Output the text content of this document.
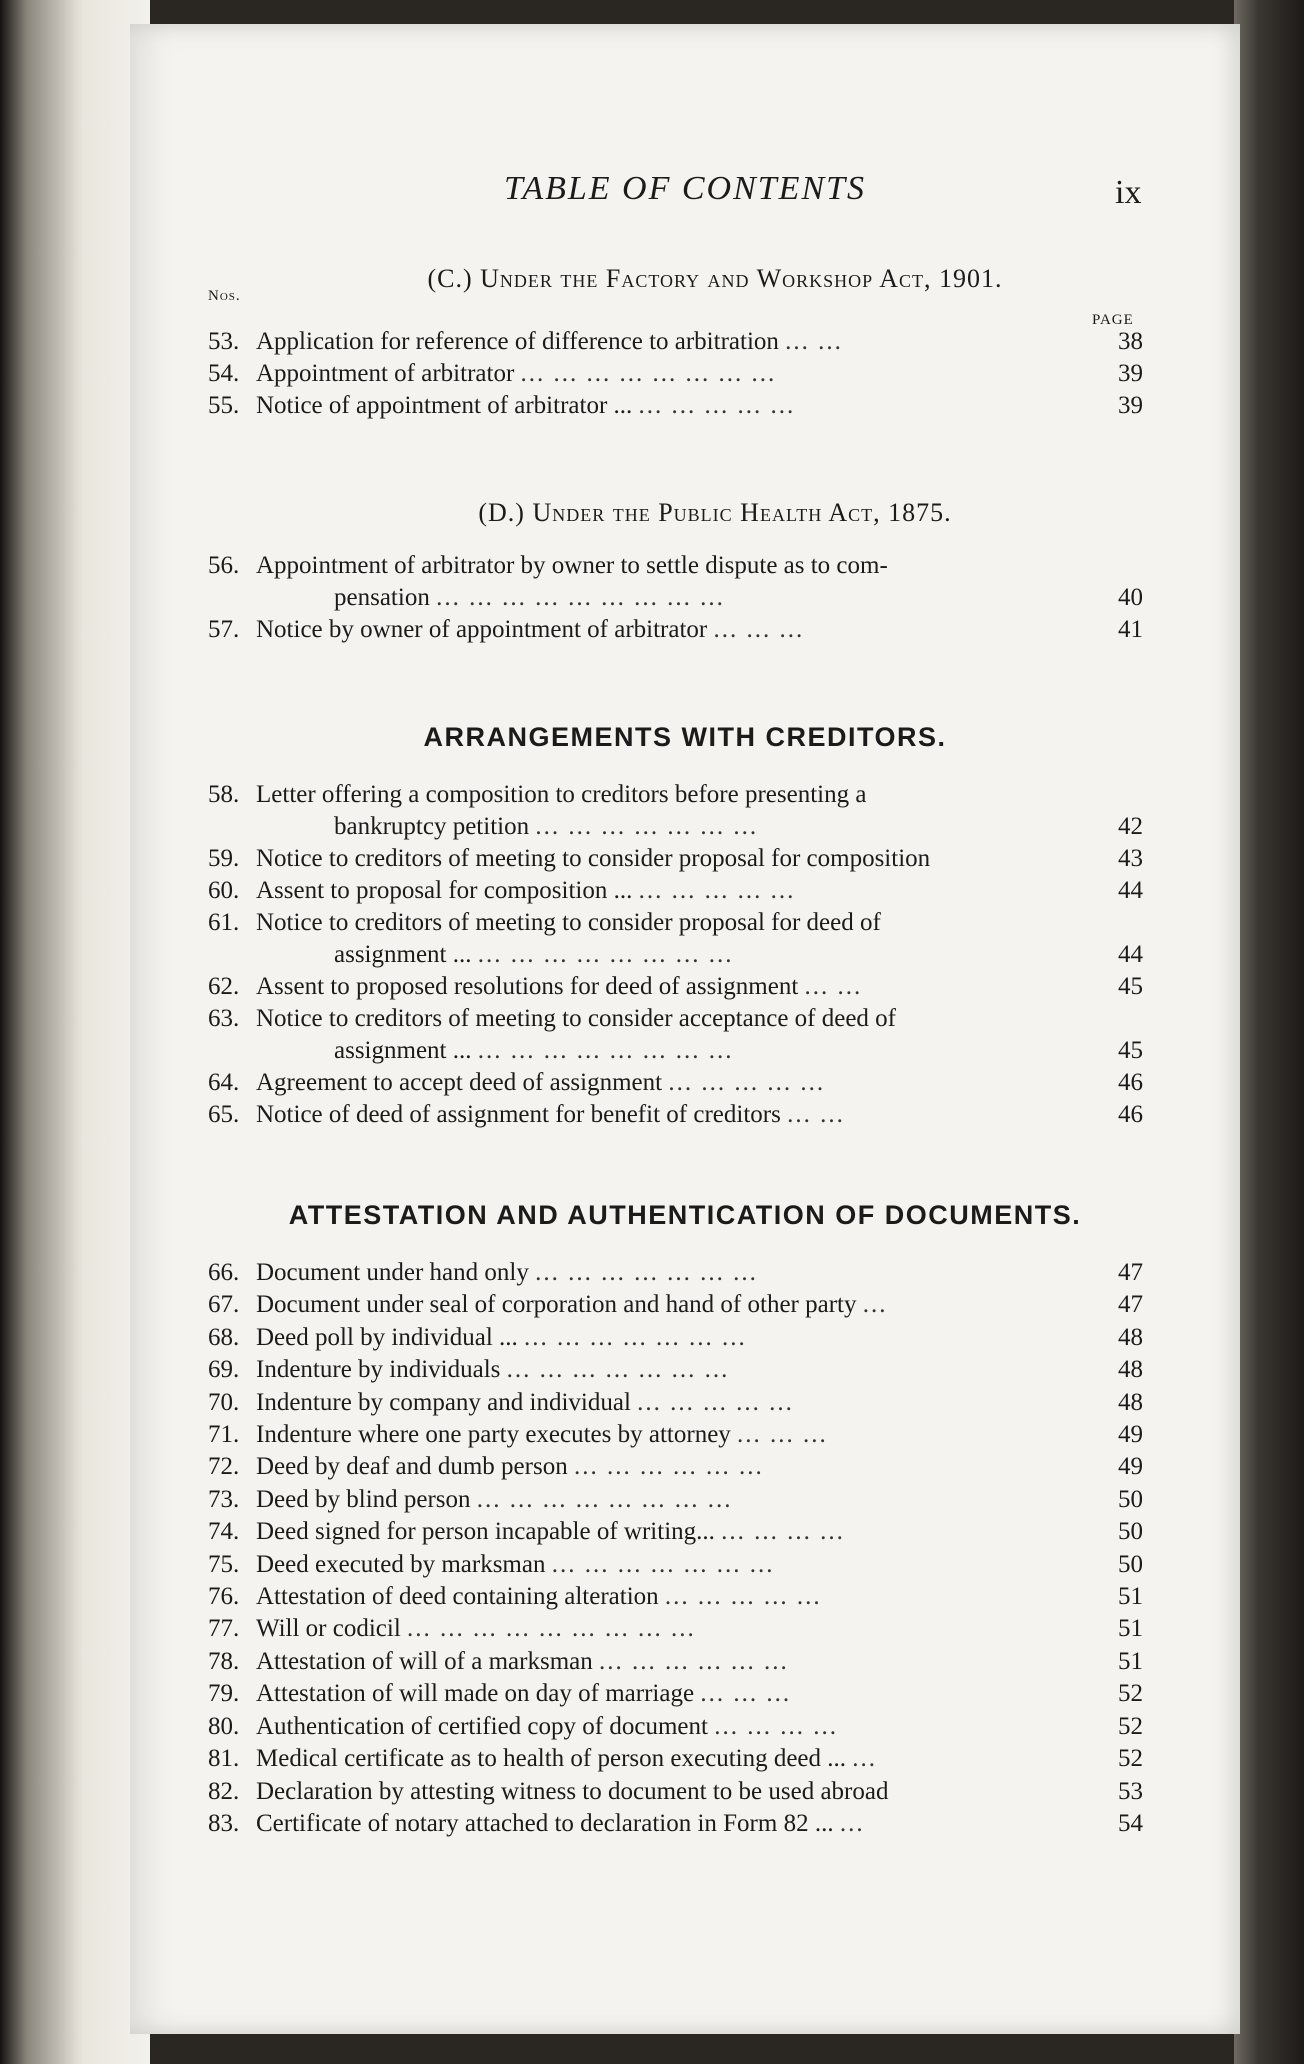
TABLE OF CONTENTS	ix
(C.) Under the Factory and Workshop Act, 1901.
Nos.
PAGE
53. Application for reference of difference to arbitration ... ...	38
54. Appointment of arbitrator ... ... ... ... ... ... ... ...	39
55. Notice of appointment of arbitrator ... ... ... ... ... ...	39
(D.) Under the Public Health Act, 1875.
56. Appointment of arbitrator by owner to settle dispute as to com-
pensation ... ... ... ... ... ... ... ... ...	40
57. Notice by owner of appointment of arbitrator ... ... ...	41
ARRANGEMENTS WITH CREDITORS.
58. Letter offering a composition to creditors before presenting a
bankruptcy petition ... ... ... ... ... ... ...	42
59. Notice to creditors of meeting to consider proposal for composition	43
60. Assent to proposal for composition ... ... ... ... ... ...	44
61. Notice to creditors of meeting to consider proposal for deed of
assignment ... ... ... ... ... ... ... ... ...	44
62. Assent to proposed resolutions for deed of assignment ... ...	45
63. Notice to creditors of meeting to consider acceptance of deed of
assignment ... ... ... ... ... ... ... ... ...	45
64. Agreement to accept deed of assignment ... ... ... ... ...	46
65. Notice of deed of assignment for benefit of creditors ... ...	46
ATTESTATION AND AUTHENTICATION OF DOCUMENTS.
66. Document under hand only ... ... ... ... ... ... ...	47
67. Document under seal of corporation and hand of other party ...	47
68. Deed poll by individual ... ... ... ... ... ... ... ...	48
69. Indenture by individuals ... ... ... ... ... ... ...	48
70. Indenture by company and individual ... ... ... ... ...	48
71. Indenture where one party executes by attorney ... ... ...	49
72. Deed by deaf and dumb person ... ... ... ... ... ...	49
73. Deed by blind person ... ... ... ... ... ... ... ...	50
74. Deed signed for person incapable of writing... ... ... ... ...	50
75. Deed executed by marksman ... ... ... ... ... ... ...	50
76. Attestation of deed containing alteration ... ... ... ... ...	51
77. Will or codicil ... ... ... ... ... ... ... ... ...	51
78. Attestation of will of a marksman ... ... ... ... ... ...	51
79. Attestation of will made on day of marriage ... ... ...	52
80. Authentication of certified copy of document ... ... ... ...	52
81. Medical certificate as to health of person executing deed ... ...	52
82. Declaration by attesting witness to document to be used abroad	53
83. Certificate of notary attached to declaration in Form 82 ... ...	54
